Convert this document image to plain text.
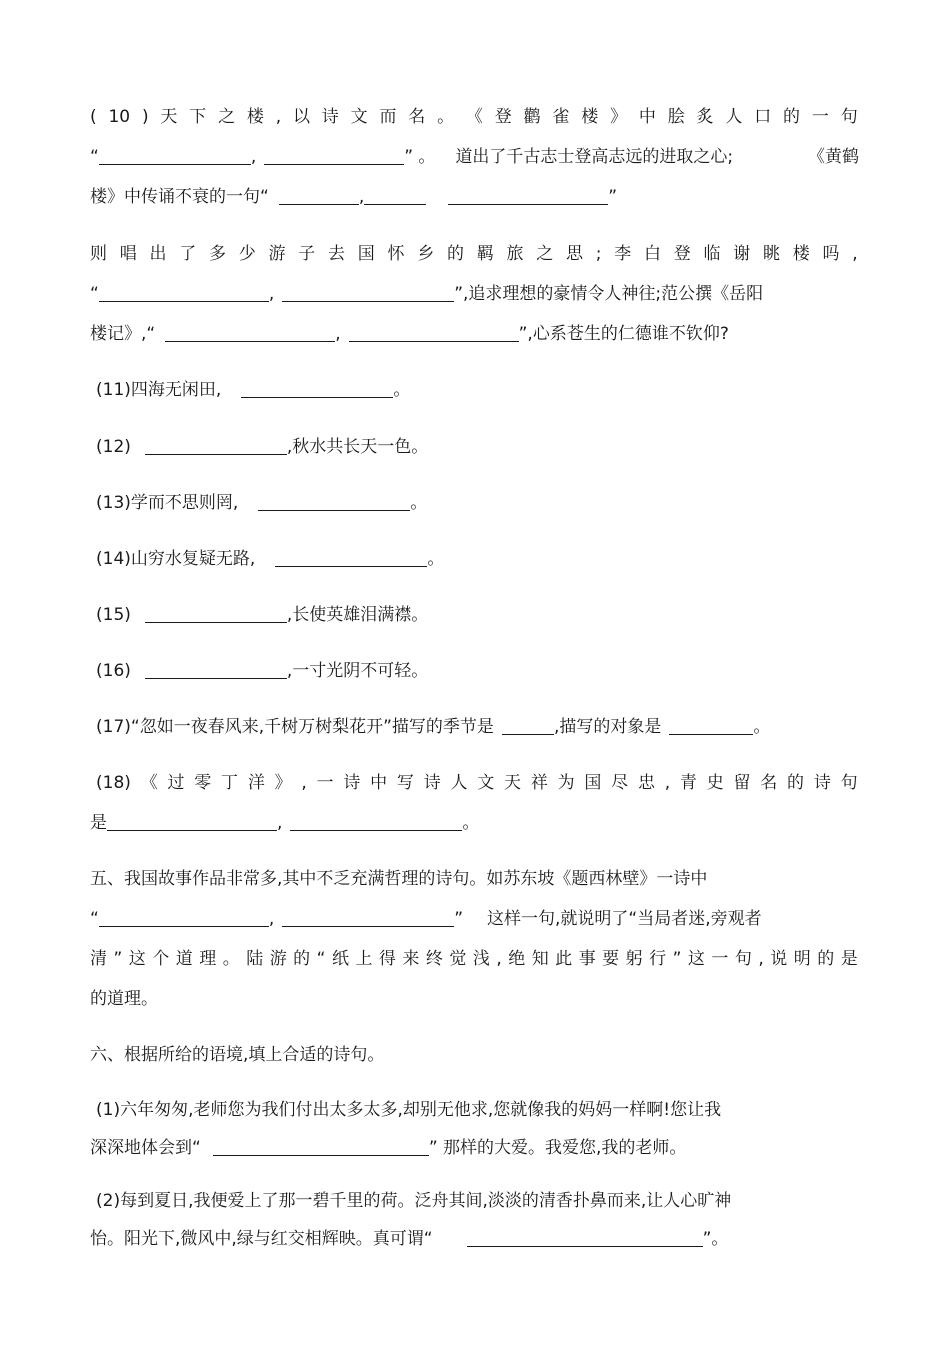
( 10 ) 天 下 之 楼 , 以 诗 文 而 名 。 《 登 鹳 雀 楼 》 中 脍 炙 人 口 的 一 句
“	,	” 。 道出了千古志士登高志远的进取之心;	《黄鹤
楼》中传诵不衰的一句“	,	”
则 唱 出 了 多 少 游 子 去 国 怀 乡 的 羁 旅 之 思 ; 李 白 登 临 谢 眺 楼 吗 ,
“	,	”,追求理想的豪情令人神往;范公撰《岳阳
楼记》,“	,	”,心系苍生的仁德谁不钦仰?
(11)四海无闲田,	。
(12)	,秋水共长天一色。
(13)学而不思则罔,	。
(14)山穷水复疑无路,	。
(15)	,长使英雄泪满襟。
(16)	,一寸光阴不可轻。
(17)“忽如一夜春风来,千树万树梨花开”描写的季节是	,描写的对象是	。
(18) 《 过 零 丁 洋 》 , 一 诗 中 写 诗 人 文 天 祥 为 国 尽 忠 , 青 史 留 名 的 诗 句
是	,	。
五、我国故事作品非常多,其中不乏充满哲理的诗句。如苏东坡《题西林壁》一诗中
“	,	” 这样一句,就说明了“当局者迷,旁观者
清 ” 这 个 道 理 。 陆 游 的 “ 纸 上 得 来 终 觉 浅 , 绝 知 此 事 要 躬 行 ” 这 一 句 , 说 明 的 是
的道理。
六、根据所给的语境,填上合适的诗句。
(1)六年匆匆,老师您为我们付出太多太多,却别无他求,您就像我的妈妈一样啊!您让我
深深地体会到“	” 那样的大爱。我爱您,我的老师。
(2)每到夏日,我便爱上了那一碧千里的荷。泛舟其间,淡淡的清香扑鼻而来,让人心旷神
怡。阳光下,微风中,绿与红交相辉映。真可谓“	”。
